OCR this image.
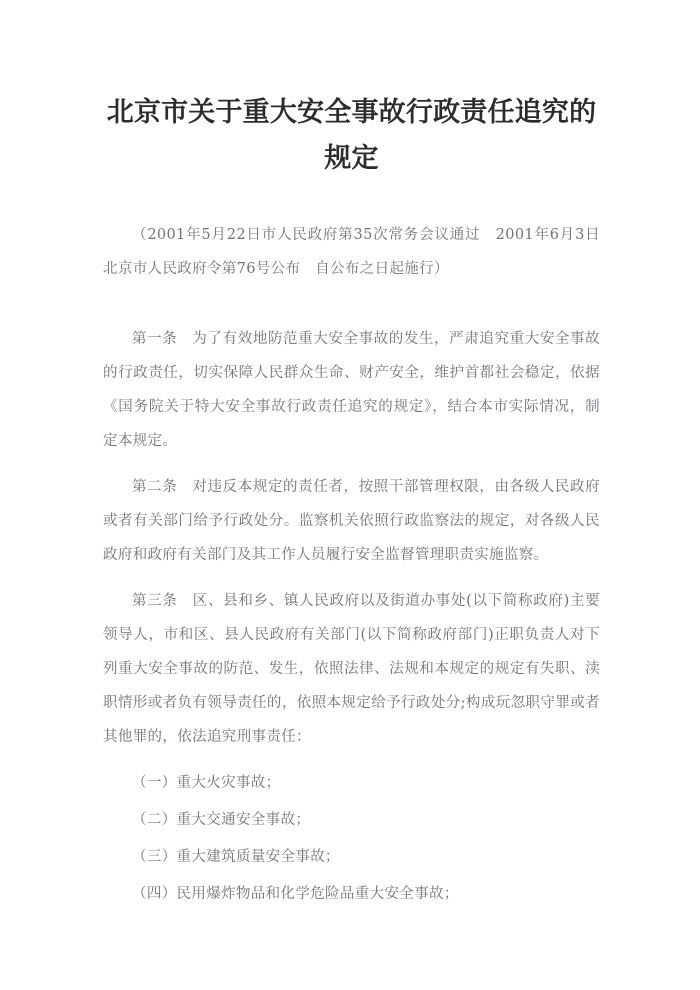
北京市关于重大安全事故行政责任追究的规定

（2001年5月22日市人民政府第35次常务会议通过　2001年6月3日北京市人民政府令第76号公布　自公布之日起施行）

第一条　为了有效地防范重大安全事故的发生，严肃追究重大安全事故的行政责任，切实保障人民群众生命、财产安全，维护首都社会稳定，依据《国务院关于特大安全事故行政责任追究的规定》，结合本市实际情况，制定本规定。

第二条　对违反本规定的责任者，按照干部管理权限，由各级人民政府或者有关部门给予行政处分。监察机关依照行政监察法的规定，对各级人民政府和政府有关部门及其工作人员履行安全监督管理职责实施监察。

第三条　区、县和乡、镇人民政府以及街道办事处(以下简称政府)主要领导人，市和区、县人民政府有关部门(以下简称政府部门)正职负责人对下列重大安全事故的防范、发生，依照法律、法规和本规定的规定有失职、渎职情形或者负有领导责任的，依照本规定给予行政处分;构成玩忽职守罪或者其他罪的，依法追究刑事责任：

（一）重大火灾事故；
（二）重大交通安全事故；
（三）重大建筑质量安全事故；
（四）民用爆炸物品和化学危险品重大安全事故；
